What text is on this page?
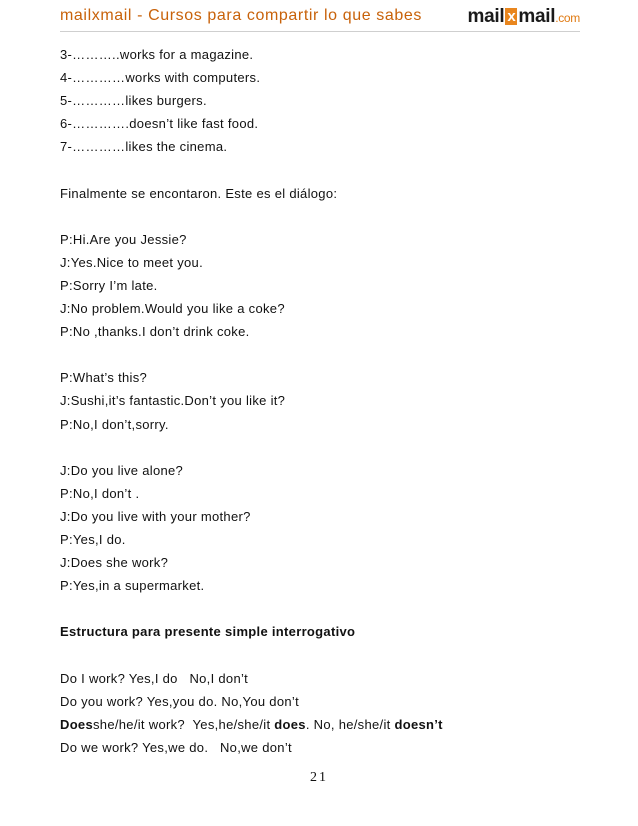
mailxmail - Cursos para compartir lo que sabes mail x mail.com
3-………..works for a magazine.
4-…………works with computers.
5-…………likes burgers.
6-………….doesn’t like fast food.
7-…………likes the cinema.
Finalmente se encontaron. Este es el diálogo:
P:Hi.Are you Jessie?
J:Yes.Nice to meet you.
P:Sorry I’m late.
J:No problem.Would you like a coke?
P:No ,thanks.I don’t drink coke.
P:What’s this?
J:Sushi,it’s fantastic.Don’t you like it?
P:No,I don’t,sorry.
J:Do you live alone?
P:No,I don’t .
J:Do you live with your mother?
P:Yes,I do.
J:Does she work?
P:Yes,in a supermarket.
Estructura para presente simple interrogativo
Do I work? Yes,I do   No,I don’t
Do you work? Yes,you do. No,You don’t
Doesshe/he/it work?  Yes,he/she/it does. No, he/she/it doesn’t
Do we work? Yes,we do.   No,we don’t
21
